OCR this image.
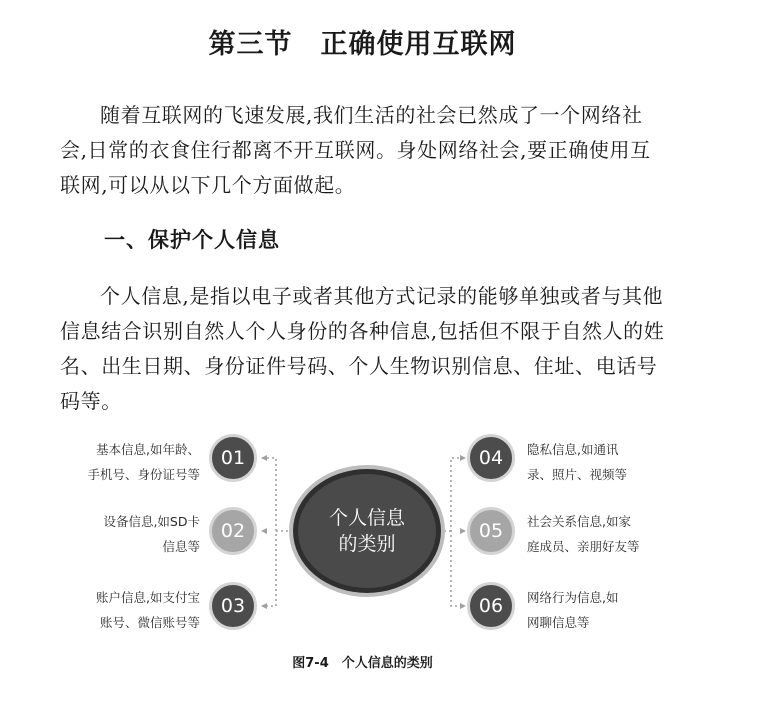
第三节　正确使用互联网

随着互联网的飞速发展,我们生活的社会已然成了一个网络社会,日常的衣食住行都离不开互联网。身处网络社会,要正确使用互联网,可以从以下几个方面做起。

一、保护个人信息

个人信息,是指以电子或者其他方式记录的能够单独或者与其他信息结合识别自然人个人身份的各种信息,包括但不限于自然人的姓名、出生日期、身份证件号码、个人生物识别信息、住址、电话号码等。

个人信息
的类别
01
02
03
04
05
06
基本信息,如年龄、
手机号、身份证号等
设备信息,如SD卡
信息等
账户信息,如支付宝
账号、微信账号等
隐私信息,如通讯
录、照片、视频等
社会关系信息,如家
庭成员、亲朋好友等
网络行为信息,如
网聊信息等

图7-4　个人信息的类别
